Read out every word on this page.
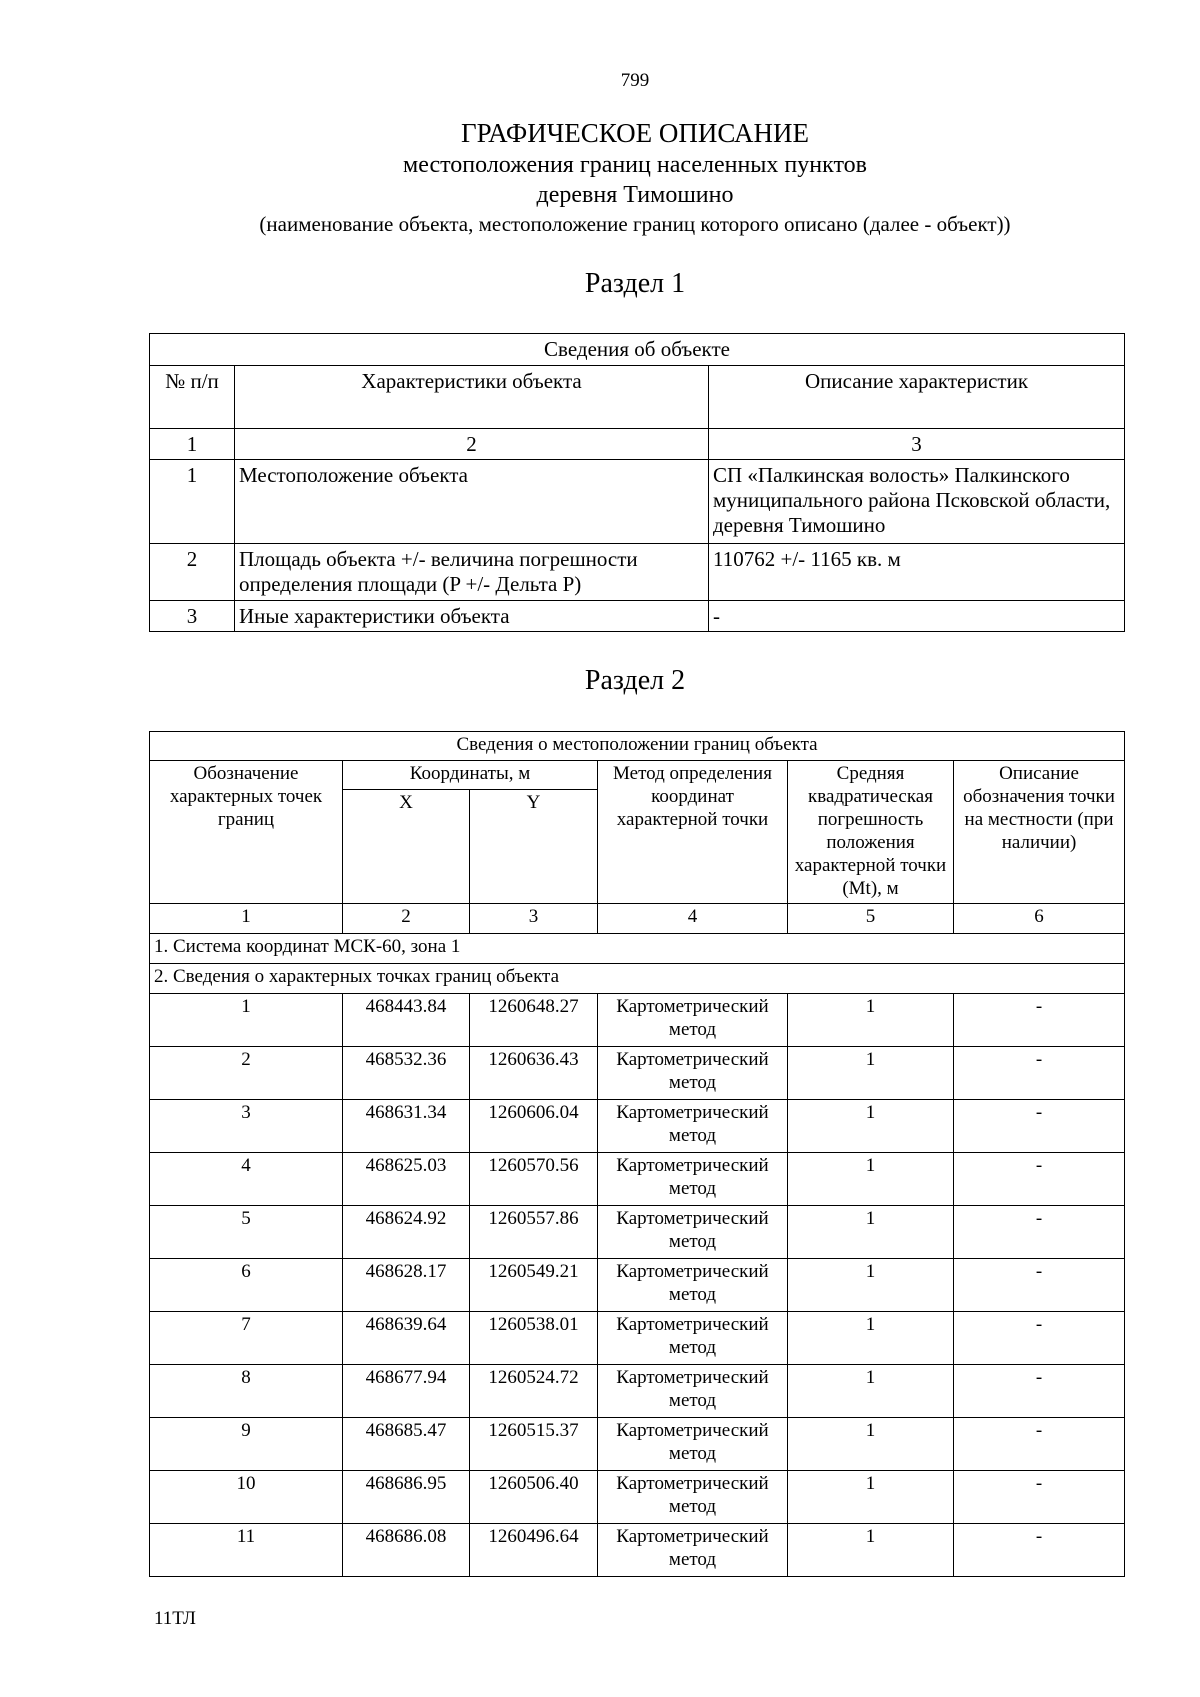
799
ГРАФИЧЕСКОЕ ОПИСАНИЕ
местоположения границ населенных пунктов
деревня Тимошино
(наименование объекта, местоположение границ которого описано (далее - объект))
Раздел 1
Сведения об объекте		
№ п/п	Характеристики объекта	Описание характеристик
1	2	3
1	Местоположение объекта	СП «Палкинская волость» Палкинского муниципального района Псковской области, деревня Тимошино
2	Площадь объекта +/- величина погрешности определения площади (P +/- Дельта P)	110762 +/- 1165 кв. м
3	Иные характеристики объекта	-
Раздел 2
Сведения о местоположении границ объекта					
Обозначение характерных точек границ	Координаты, м		Метод определения координат характерной точки	Средняя квадратическая погрешность положения характерной точки (Mt), м	Описание обозначения точки на местности (при наличии)
	X	Y			
1	2	3	4	5	6
1. Система координат МСК-60, зона 1					
2. Сведения о характерных точках границ объекта					
1	468443.84	1260648.27	Картометрический метод	1	-
2	468532.36	1260636.43	Картометрический метод	1	-
3	468631.34	1260606.04	Картометрический метод	1	-
4	468625.03	1260570.56	Картометрический метод	1	-
5	468624.92	1260557.86	Картометрический метод	1	-
6	468628.17	1260549.21	Картометрический метод	1	-
7	468639.64	1260538.01	Картометрический метод	1	-
8	468677.94	1260524.72	Картометрический метод	1	-
9	468685.47	1260515.37	Картометрический метод	1	-
10	468686.95	1260506.40	Картометрический метод	1	-
11	468686.08	1260496.64	Картометрический метод	1	-
11ТЛ
